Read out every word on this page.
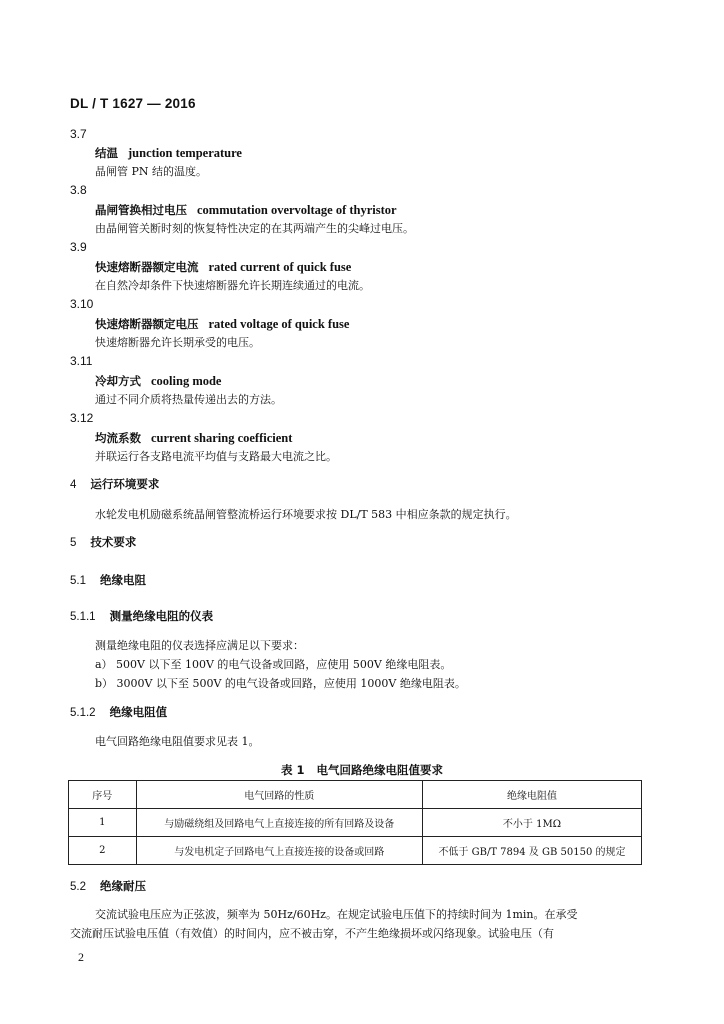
DL / T 1627 — 2016
3.7
结温 junction temperature
晶闸管 PN 结的温度。
3.8
晶闸管换相过电压 commutation overvoltage of thyristor
由晶闸管关断时刻的恢复特性决定的在其两端产生的尖峰过电压。
3.9
快速熔断器额定电流 rated current of quick fuse
在自然冷却条件下快速熔断器允许长期连续通过的电流。
3.10
快速熔断器额定电压 rated voltage of quick fuse
快速熔断器允许长期承受的电压。
3.11
冷却方式 cooling mode
通过不同介质将热量传递出去的方法。
3.12
均流系数 current sharing coefficient
并联运行各支路电流平均值与支路最大电流之比。
4 运行环境要求
水轮发电机励磁系统晶闸管整流桥运行环境要求按 DL/T 583 中相应条款的规定执行。
5 技术要求
5.1 绝缘电阻
5.1.1 测量绝缘电阻的仪表
测量绝缘电阻的仪表选择应满足以下要求：
a） 500V 以下至 100V 的电气设备或回路，应使用 500V 绝缘电阻表。
b） 3000V 以下至 500V 的电气设备或回路，应使用 1000V 绝缘电阻表。
5.1.2 绝缘电阻值
电气回路绝缘电阻值要求见表 1。
表 1 电气回路绝缘电阻值要求
序号	电气回路的性质	绝缘电阻值
1	与励磁绕组及回路电气上直接连接的所有回路及设备	不小于 1MΩ
2	与发电机定子回路电气上直接连接的设备或回路	不低于 GB/T 7894 及 GB 50150 的规定
5.2 绝缘耐压
交流试验电压应为正弦波，频率为 50Hz/60Hz。在规定试验电压值下的持续时间为 1min。在承受
交流耐压试验电压值（有效值）的时间内，应不被击穿，不产生绝缘损坏或闪络现象。试验电压（有
2
